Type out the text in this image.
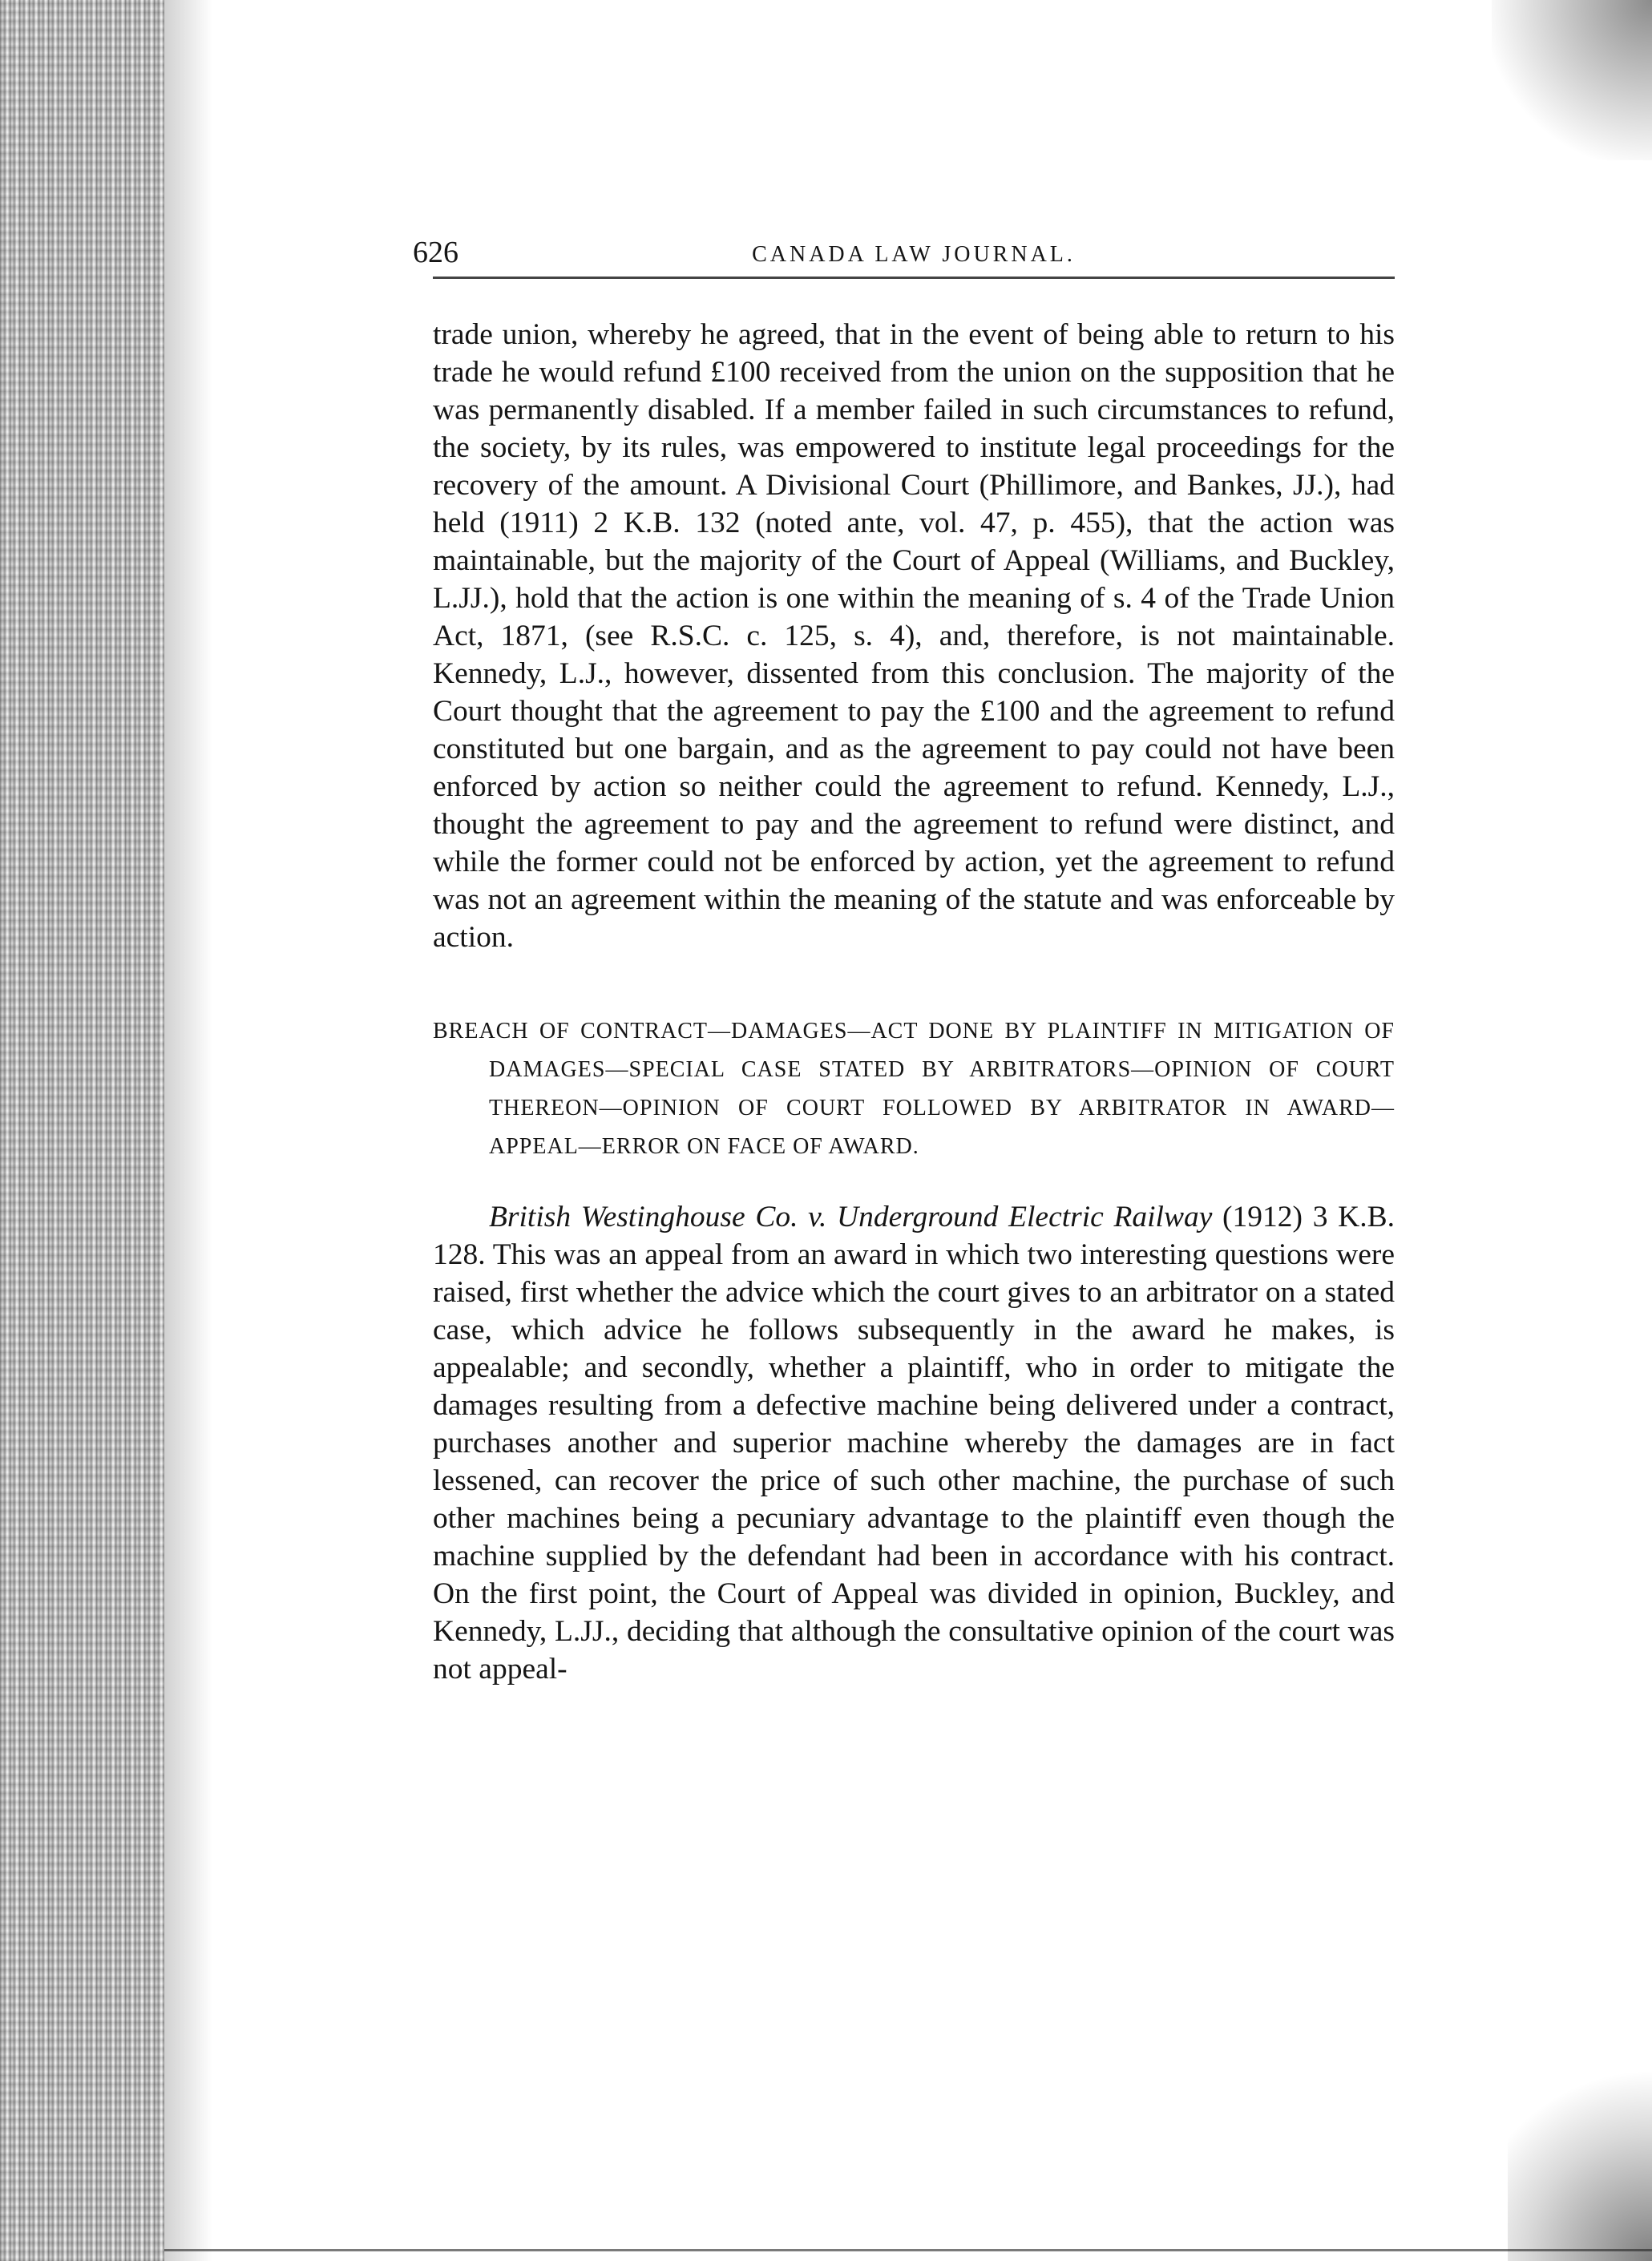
626	CANADA LAW JOURNAL.

trade union, whereby he agreed, that in the event of being able to return to his trade he would refund £100 received from the union on the supposition that he was permanently disabled. If a member failed in such circumstances to refund, the society, by its rules, was empowered to institute legal proceedings for the recovery of the amount. A Divisional Court (Phillimore, and Bankes, JJ.), had held (1911) 2 K.B. 132 (noted ante, vol. 47, p. 455), that the action was maintainable, but the majority of the Court of Appeal (Williams, and Buckley, L.JJ.), hold that the action is one within the meaning of s. 4 of the Trade Union Act, 1871, (see R.S.C. c. 125, s. 4), and, therefore, is not maintainable. Kennedy, L.J., however, dissented from this conclusion. The majority of the Court thought that the agreement to pay the £100 and the agreement to refund constituted but one bargain, and as the agreement to pay could not have been enforced by action so neither could the agreement to refund. Kennedy, L.J., thought the agreement to pay and the agreement to refund were distinct, and while the former could not be enforced by action, yet the agreement to refund was not an agreement within the meaning of the statute and was enforceable by action.

BREACH OF CONTRACT—DAMAGES—ACT DONE BY PLAINTIFF IN MITIGATION OF DAMAGES—SPECIAL CASE STATED BY ARBITRATORS—OPINION OF COURT THEREON—OPINION OF COURT FOLLOWED BY ARBITRATOR IN AWARD—APPEAL—ERROR ON FACE OF AWARD.

British Westinghouse Co. v. Underground Electric Railway (1912) 3 K.B. 128. This was an appeal from an award in which two interesting questions were raised, first whether the advice which the court gives to an arbitrator on a stated case, which advice he follows subsequently in the award he makes, is appealable; and secondly, whether a plaintiff, who in order to mitigate the damages resulting from a defective machine being delivered under a contract, purchases another and superior machine whereby the damages are in fact lessened, can recover the price of such other machine, the purchase of such other machines being a pecuniary advantage to the plaintiff even though the machine supplied by the defendant had been in accordance with his contract. On the first point, the Court of Appeal was divided in opinion, Buckley, and Kennedy, L.JJ., deciding that although the consultative opinion of the court was not appeal-
